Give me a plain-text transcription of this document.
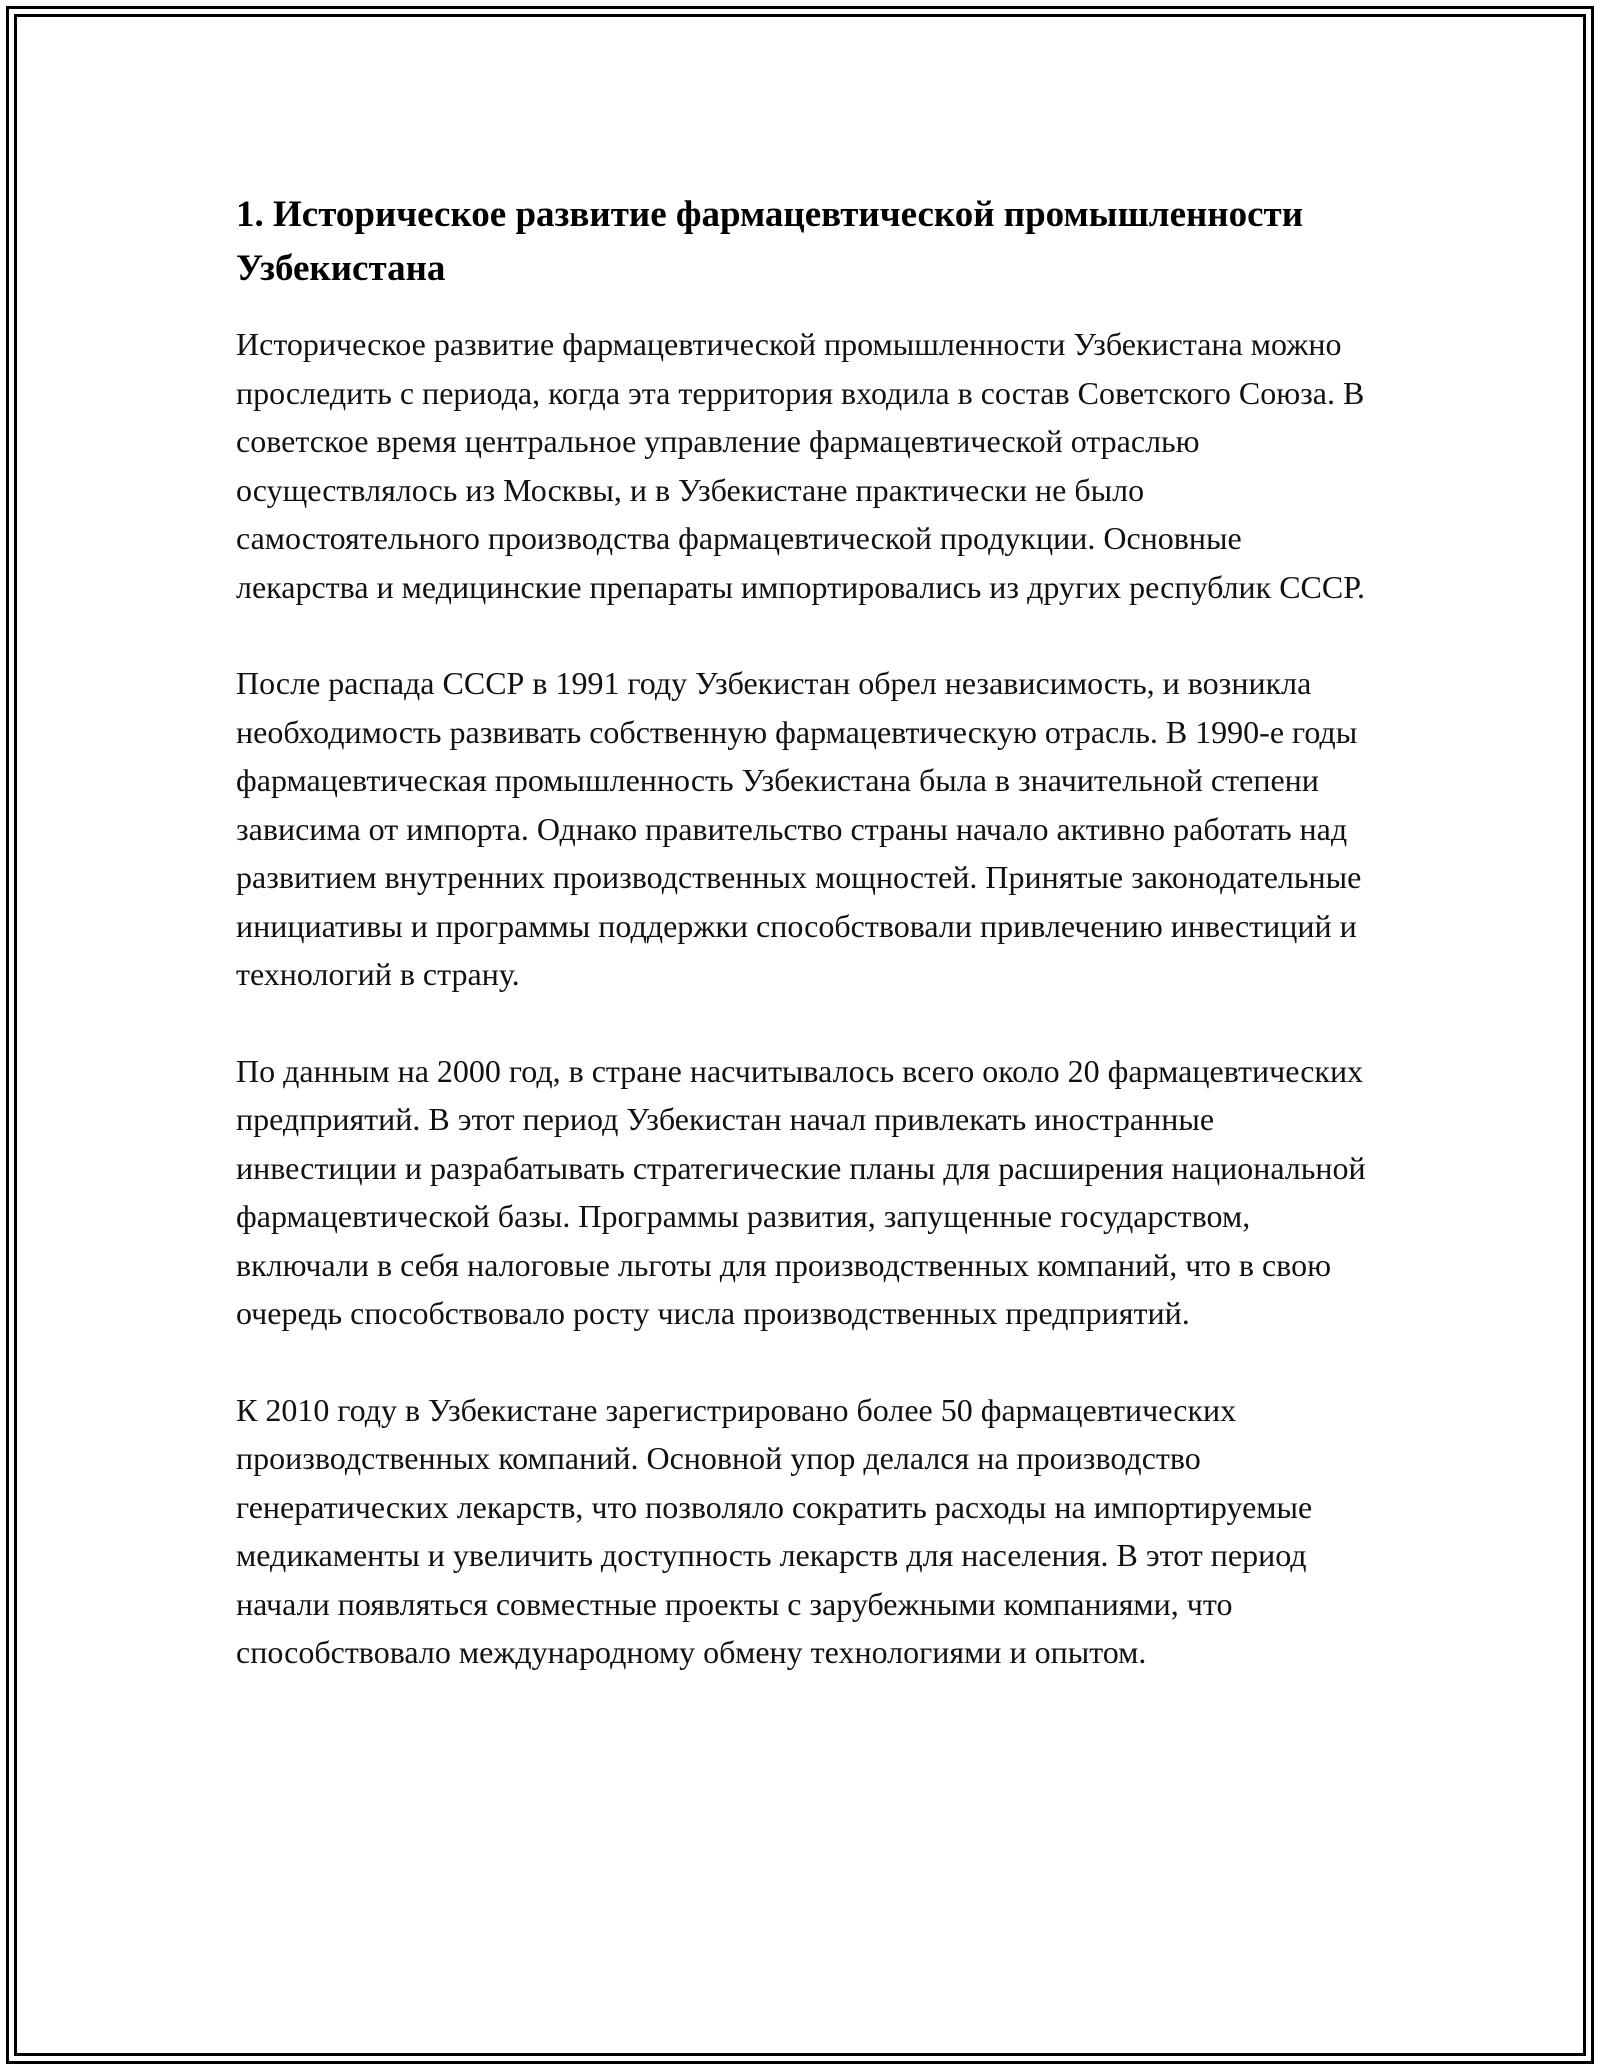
1. Историческое развитие фармацевтической промышленности Узбекистана

Историческое развитие фармацевтической промышленности Узбекистана можно проследить с периода, когда эта территория входила в состав Советского Союза. В советское время центральное управление фармацевтической отраслью осуществлялось из Москвы, и в Узбекистане практически не было самостоятельного производства фармацевтической продукции. Основные лекарства и медицинские препараты импортировались из других республик СССР.

После распада СССР в 1991 году Узбекистан обрел независимость, и возникла необходимость развивать собственную фармацевтическую отрасль. В 1990-е годы фармацевтическая промышленность Узбекистана была в значительной степени зависима от импорта. Однако правительство страны начало активно работать над развитием внутренних производственных мощностей. Принятые законодательные инициативы и программы поддержки способствовали привлечению инвестиций и технологий в страну.

По данным на 2000 год, в стране насчитывалось всего около 20 фармацевтических предприятий. В этот период Узбекистан начал привлекать иностранные инвестиции и разрабатывать стратегические планы для расширения национальной фармацевтической базы. Программы развития, запущенные государством, включали в себя налоговые льготы для производственных компаний, что в свою очередь способствовало росту числа производственных предприятий.

К 2010 году в Узбекистане зарегистрировано более 50 фармацевтических производственных компаний. Основной упор делался на производство генератических лекарств, что позволяло сократить расходы на импортируемые медикаменты и увеличить доступность лекарств для населения. В этот период начали появляться совместные проекты с зарубежными компаниями, что способствовало международному обмену технологиями и опытом.
